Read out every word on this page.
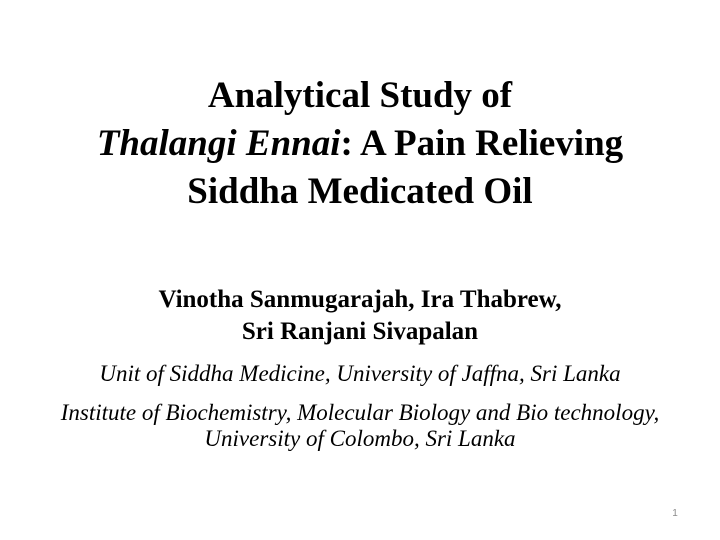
Analytical Study of
Thalangi Ennai: A Pain Relieving
Siddha Medicated Oil
Vinotha Sanmugarajah, Ira Thabrew,
Sri Ranjani Sivapalan
Unit of Siddha Medicine, University of Jaffna, Sri Lanka
Institute of Biochemistry, Molecular Biology and Bio technology, University of Colombo, Sri Lanka
1
